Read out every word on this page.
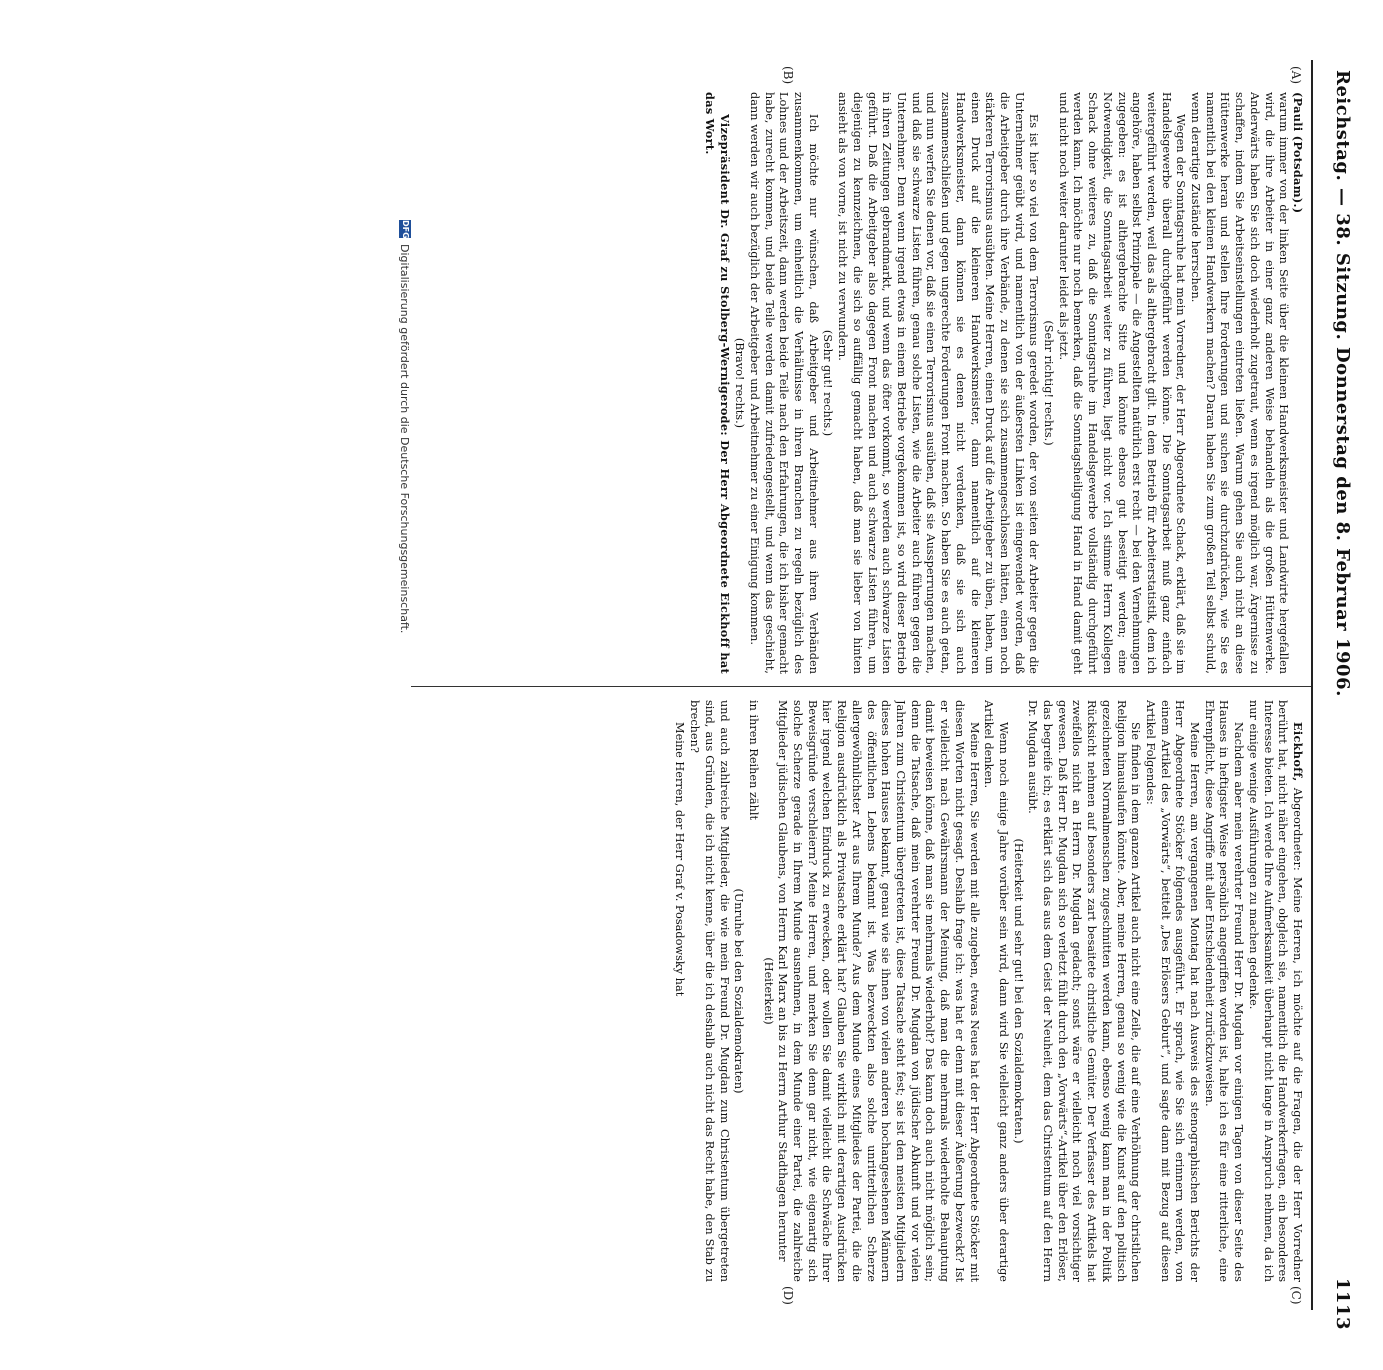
Reichstag. — 38. Sitzung. Donnerstag den 8. Februar 1906.
1113
(A)
(B)
(C)
(D)

(Pauli (Potsdam).)

warum immer von der linken Seite über die kleinen Handwerksmeister und Landwirte hergefallen wird, die ihre Arbeiter in einer ganz anderen Weise behandeln als die großen Hüttenwerke. Anderwärts haben Sie sich doch wiederholt zugetraut, wenn es irgend möglich war, Ärgernisse zu schaffen, indem Sie Arbeitseinstellungen eintreten ließen. Warum gehen Sie auch nicht an diese Hüttenwerke heran und stellen Ihre Forderungen und suchen sie durchzudrücken, wie Sie es namentlich bei den kleinen Handwerkern machen? Daran haben Sie zum großen Teil selbst schuld, wenn derartige Zustände herrschen.

Wegen der Sonntagsruhe hat mein Vorredner, der Herr Abgeordnete Schack, erklärt, daß sie im Handelsgewerbe überall durchgeführt werden könne. Die Sonntagsarbeit muß ganz einfach weitergeführt werden, weil das als althergebracht gilt. In dem Betrieb für Arbeiterstatistik, dem ich angehöre, haben selbst Prinzipale — die Angestellten natürlich erst recht — bei den Vernehmungen zugegeben: es ist althergebrachte Sitte und könnte ebenso gut beseitigt werden; eine Notwendigkeit, die Sonntagsarbeit weiter zu führen, liegt nicht vor. Ich stimme Herrn Kollegen Schack ohne weiteres zu, daß die Sonntagsruhe im Handelsgewerbe vollständig durchgeführt werden kann. Ich möchte nur noch bemerken, daß die Sonntagsheiligung Hand in Hand damit geht und nicht noch weiter darunter leidet als jetzt.

(Sehr richtig! rechts.)

Es ist hier so viel von dem Terrorismus geredet worden, der von seiten der Arbeiter gegen die Unternehmer geübt wird, und namentlich von der äußersten Linken ist eingewendet worden, daß die Arbeitgeber durch ihre Verbände, zu denen sie sich zusammengeschlossen hätten, einen noch stärkeren Terrorismus ausübten. Meine Herren, einen Druck auf die Arbeitgeber zu üben, haben, um einen Druck auf die kleineren Handwerksmeister, dann namentlich auf die kleineren Handwerksmeister, dann können sie es denen nicht verdenken, daß sie sich auch zusammenschließen und gegen ungerechte Forderungen Front machen. So haben Sie es auch getan, und nun werfen Sie denen vor, daß sie einen Terrorismus ausüben, daß sie Aussperrungen machen, und daß sie schwarze Listen führen, genau solche Listen, wie die Arbeiter auch führen gegen die Unternehmer. Denn wenn irgend etwas in einem Betriebe vorgekommen ist, so wird dieser Betrieb in ihren Zeitungen gebrandmarkt, und wenn das öfter vorkommt, so werden auch schwarze Listen geführt. Daß die Arbeitgeber also dagegen Front machen und auch schwarze Listen führen, um diejenigen zu kennzeichnen, die sich so auffällig gemacht haben, daß man sie lieber von hinten ansieht als von vorne, ist nicht zu verwundern.

(Sehr gut! rechts.)

Ich möchte nur wünschen, daß Arbeitgeber und Arbeitnehmer aus ihren Verbänden zusammenkommen, um einheitlich die Verhältnisse in ihren Branchen zu regeln bezüglich des Lohnes und der Arbeitszeit, dann werden beide Teile nach den Erfahrungen, die ich bisher gemacht habe, zurecht kommen, und beide Teile werden damit zufriedengestellt, und wenn das geschieht, dann werden wir auch bezüglich der Arbeitgeber und Arbeitnehmer zu einer Einigung kommen.

(Bravo! rechts.)

Vizepräsident Dr. Graf zu Stolberg-Wernigerode: Der Herr Abgeordnete Eickhoff hat das Wort.

Eickhoff, Abgeordneter: Meine Herren, ich möchte auf die Fragen, die der Herr Vorredner berührt hat, nicht näher eingehen, obgleich sie, namentlich die Handwerkerfragen, ein besonderes Interesse bieten. Ich werde Ihre Aufmerksamkeit überhaupt nicht lange in Anspruch nehmen, da ich nur einige wenige Ausführungen zu machen gedenke.

Nachdem aber mein verehrter Freund Herr Dr. Mugdan vor einigen Tagen von dieser Seite des Hauses in heftigster Weise persönlich angegriffen worden ist, halte ich es für eine ritterliche, eine Ehrenpflicht, diese Angriffe mit aller Entschiedenheit zurückzuweisen.

Meine Herren, am vergangenen Montag hat nach Ausweis des stenographischen Berichts der Herr Abgeordnete Stöcker folgendes ausgeführt. Er sprach, wie Sie sich erinnern werden, von einem Artikel des „Vorwärts“, betitelt „Des Erlösers Geburt“, und sagte dann mit Bezug auf diesen Artikel Folgendes:

Sie finden in dem ganzen Artikel auch nicht eine Zeile, die auf eine Verhöhnung der christlichen Religion hinauslaufen könnte. Aber, meine Herren, genau so wenig wie die Kunst auf den politisch gezeichneten Normalmenschen zugeschnitten werden kann, ebenso wenig kann man in der Politik Rücksicht nehmen auf besonders zart besaitete christliche Gemüter. Der Verfasser des Artikels hat zweifellos nicht an Herrn Dr. Mugdan gedacht; sonst wäre er vielleicht noch viel vorsichtiger gewesen. Daß Herr Dr. Mugdan sich so verletzt fühlt durch den „Vorwärts“-Artikel über den Erlöser, das begreife ich; es erklärt sich das aus dem Geist der Neuheit, dem das Christentum auf den Herrn Dr. Mugdan ausübt.

(Heiterkeit und sehr gut! bei den Sozialdemokraten.)

Wenn noch einige Jahre vorüber sein wird, dann wird Sie vielleicht ganz anders über derartige Artikel denken.

Meine Herren, Sie werden mit alle zugeben, etwas Neues hat der Herr Abgeordnete Stöcker mit diesen Worten nicht gesagt. Deshalb frage ich: was hat er denn mit dieser Äußerung bezweckt? Ist er vielleicht nach Gewährsmann der Meinung, daß man die mehrmals wiederholte Behauptung damit beweisen könne, daß man sie mehrmals wiederholt? Das kann doch auch nicht möglich sein; denn die Tatsache, daß mein verehrter Freund Dr. Mugdan von jüdischer Abkunft und vor vielen Jahren zum Christentum übergetreten ist, diese Tatsache steht fest; sie ist den meisten Mitgliedern dieses hohen Hauses bekannt, genau wie sie ihnen von vielen anderen hochangesehenen Männern des öffentlichen Lebens bekannt ist. Was bezweckten also solche unritterlichen Scherze allergewöhnlichster Art aus Ihrem Munde? Aus dem Munde eines Mitgliedes der Partei, die die Religion ausdrücklich als Privatsache erklärt hat? Glauben Sie wirklich mit derartigen Ausdrücken hier irgend welchen Eindruck zu erwecken, oder wollen Sie damit vielleicht die Schwäche Ihrer Beweisgründe verschleiern? Meine Herren, und merken Sie denn gar nicht, wie eigenartig sich solche Scherze gerade in Ihrem Munde ausnehmen, in dem Munde einer Partei, die zahlreiche Mitglieder jüdischen Glaubens, von Herrn Karl Marx an bis zu Herrn Arthur Stadthagen herunter

(Heiterkeit)

in ihren Reihen zählt

(Unruhe bei den Sozialdemokraten)

und auch zahlreiche Mitglieder, die wie mein Freund Dr. Mugdan zum Christentum übergetreten sind, aus Gründen, die ich nicht kenne, über die ich deshalb auch nicht das Recht habe, den Stab zu brechen?

Meine Herren, der Herr Graf v. Posadowsky hat

DFG
Digitalisierung gefördert durch die Deutsche Forschungsgemeinschaft.
